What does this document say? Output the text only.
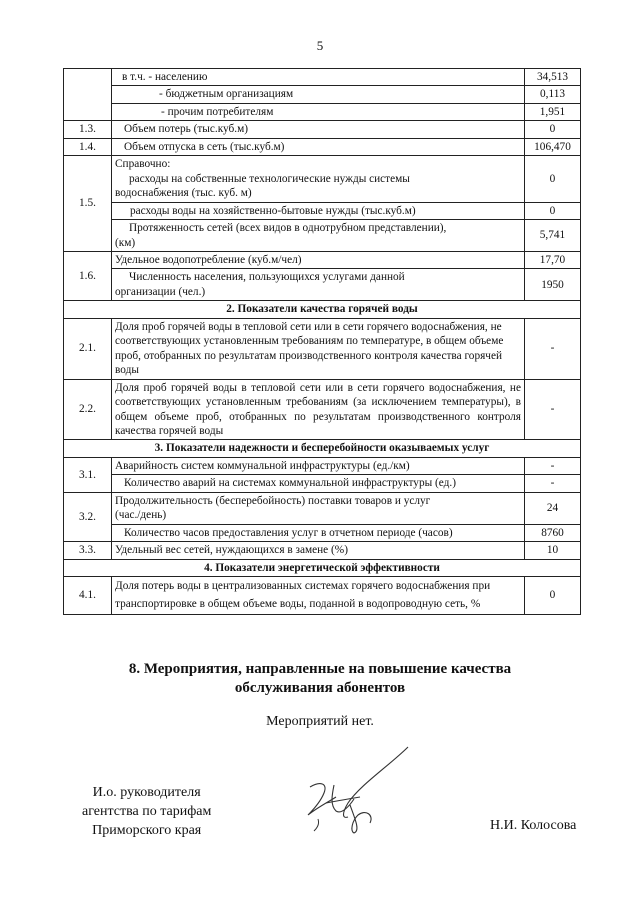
5
	в т.ч. - населению	34,513
	- бюджетным организациям	0,113
	- прочим потребителям	1,951
1.3.	Объем потерь (тыс.куб.м)	0
1.4.	Объем отпуска в сеть (тыс.куб.м)	106,470
1.5.	Справочно:
расходы на собственные технологические нужды системы
водоснабжения (тыс. куб. м)	0
	расходы воды на хозяйственно-бытовые нужды (тыс.куб.м)	0

	Протяженность сетей (всех видов в однотрубном представлении),
(км)	5,741
1.6.	Удельное водопотребление (куб.м/чел)	17,70

	Численность населения, пользующихся услугами данной
организации (чел.)	1950
2. Показатели качества горячей воды		
2.1.	Доля проб горячей воды в тепловой сети или в сети горячего водоснабжения, не соответствующих установленным требованиям по температуре, в общем объеме проб, отобранных по результатам производственного контроля качества горячей воды	-
2.2.	Доля проб горячей воды в тепловой сети или в сети горячего водоснабжения, не соответствующих установленным требованиям (за исключением температуры), в общем объеме проб, отобранных по результатам производственного контроля качества горячей воды	-
3. Показатели надежности и бесперебойности оказываемых услуг		
3.1.	Аварийность систем коммунальной инфраструктуры (ед./км)	-
	Количество аварий на системах коммунальной инфраструктуры (ед.)	-
3.2.	Продолжительность (бесперебойность) поставки товаров и услуг
(час./день)	24
	Количество часов предоставления услуг в отчетном периоде (часов)	8760
3.3.	Удельный вес сетей, нуждающихся в замене (%)	10
4. Показатели энергетической эффективности		
4.1.	Доля потерь воды в централизованных системах горячего водоснабжения при транспортировке в общем объеме воды, поданной в водопроводную сеть, %	0
8. Мероприятия, направленные на повышение качества
обслуживания абонентов
Мероприятий нет.
И.о. руководителя
агентства по тарифам
Приморского края	Н.И. Колосова
